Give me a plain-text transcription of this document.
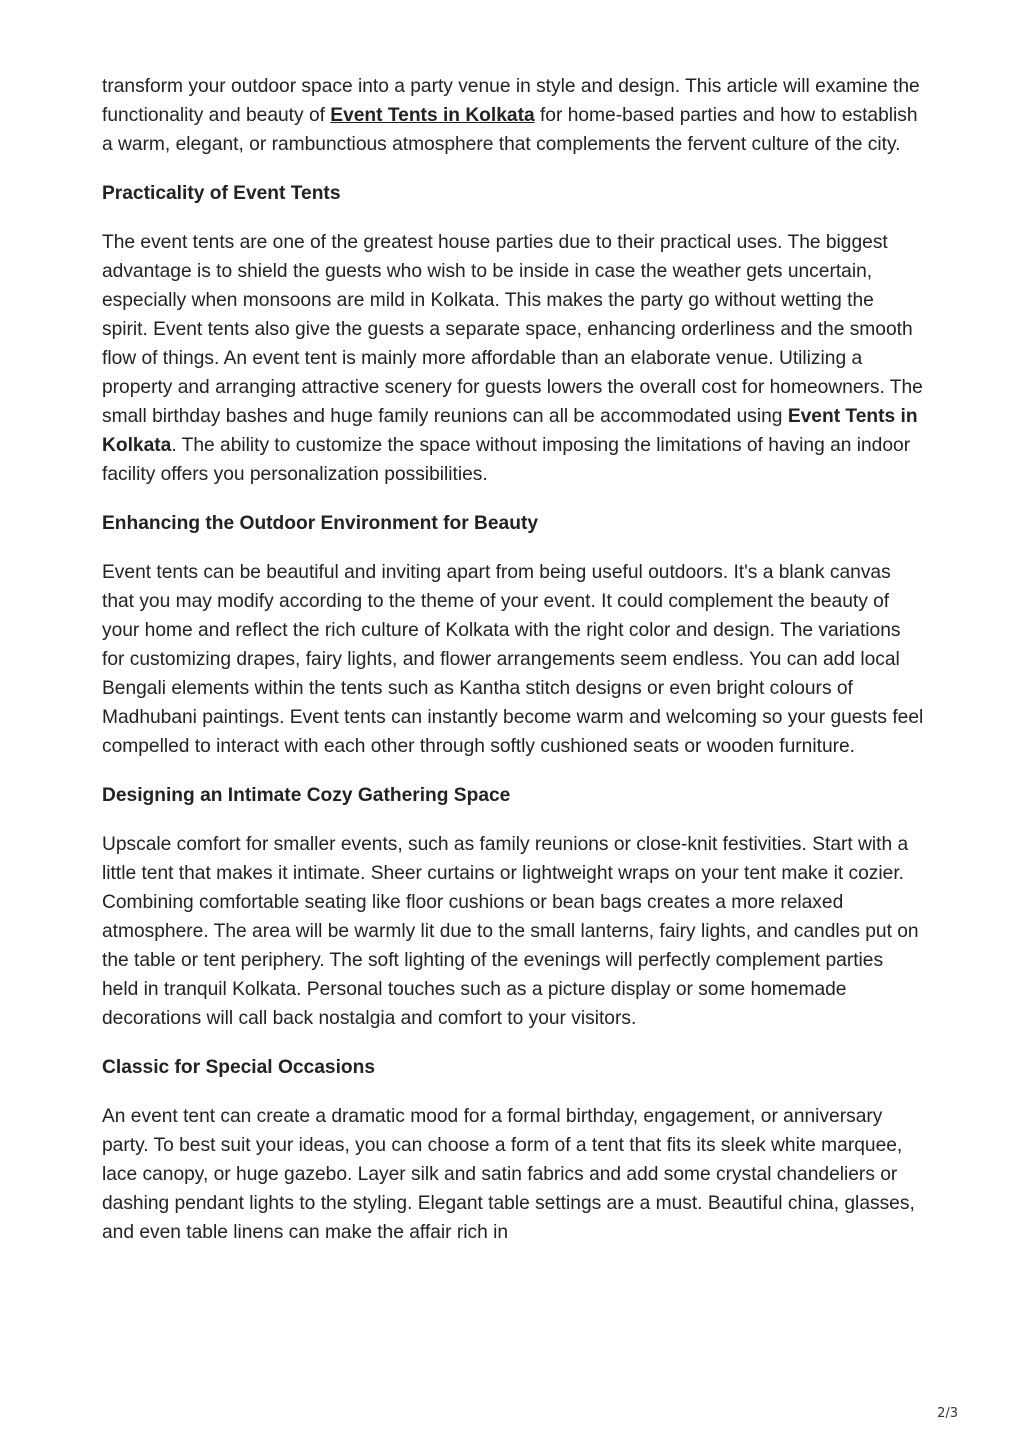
transform your outdoor space into a party venue in style and design. This article will examine the functionality and beauty of Event Tents in Kolkata for home-based parties and how to establish a warm, elegant, or rambunctious atmosphere that complements the fervent culture of the city.

Practicality of Event Tents

The event tents are one of the greatest house parties due to their practical uses. The biggest advantage is to shield the guests who wish to be inside in case the weather gets uncertain, especially when monsoons are mild in Kolkata. This makes the party go without wetting the spirit. Event tents also give the guests a separate space, enhancing orderliness and the smooth flow of things. An event tent is mainly more affordable than an elaborate venue. Utilizing a property and arranging attractive scenery for guests lowers the overall cost for homeowners. The small birthday bashes and huge family reunions can all be accommodated using Event Tents in Kolkata. The ability to customize the space without imposing the limitations of having an indoor facility offers you personalization possibilities.

Enhancing the Outdoor Environment for Beauty

Event tents can be beautiful and inviting apart from being useful outdoors. It's a blank canvas that you may modify according to the theme of your event. It could complement the beauty of your home and reflect the rich culture of Kolkata with the right color and design. The variations for customizing drapes, fairy lights, and flower arrangements seem endless. You can add local Bengali elements within the tents such as Kantha stitch designs or even bright colours of Madhubani paintings. Event tents can instantly become warm and welcoming so your guests feel compelled to interact with each other through softly cushioned seats or wooden furniture.

Designing an Intimate Cozy Gathering Space

Upscale comfort for smaller events, such as family reunions or close-knit festivities. Start with a little tent that makes it intimate. Sheer curtains or lightweight wraps on your tent make it cozier. Combining comfortable seating like floor cushions or bean bags creates a more relaxed atmosphere. The area will be warmly lit due to the small lanterns, fairy lights, and candles put on the table or tent periphery. The soft lighting of the evenings will perfectly complement parties held in tranquil Kolkata. Personal touches such as a picture display or some homemade decorations will call back nostalgia and comfort to your visitors.

Classic for Special Occasions

An event tent can create a dramatic mood for a formal birthday, engagement, or anniversary party. To best suit your ideas, you can choose a form of a tent that fits its sleek white marquee, lace canopy, or huge gazebo. Layer silk and satin fabrics and add some crystal chandeliers or dashing pendant lights to the styling. Elegant table settings are a must. Beautiful china, glasses, and even table linens can make the affair rich in

2/3
